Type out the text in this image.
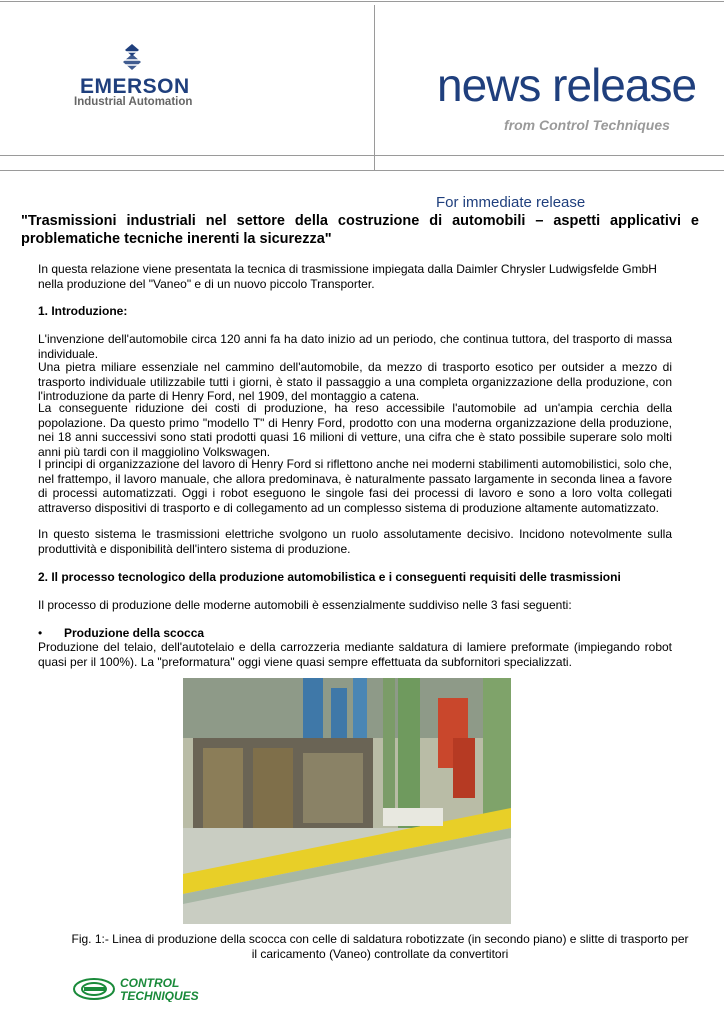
EMERSON
Industrial Automation	news release
from Control Techniques
For immediate release
"Trasmissioni industriali nel settore della costruzione di automobili – aspetti applicativi e problematiche tecniche inerenti la sicurezza"
In questa relazione viene presentata la tecnica di trasmissione impiegata dalla Daimler Chrysler Ludwigsfelde GmbH nella produzione del "Vaneo" e di un nuovo piccolo Transporter.
1. Introduzione:
L'invenzione dell'automobile circa 120 anni fa ha dato inizio ad un periodo, che continua tuttora, del trasporto di massa individuale.
Una pietra miliare essenziale nel cammino dell'automobile, da mezzo di trasporto esotico per outsider a mezzo di trasporto individuale utilizzabile tutti i giorni, è stato il passaggio a una completa organizzazione della produzione, con l'introduzione da parte di Henry Ford, nel 1909, del montaggio a catena.
La conseguente riduzione dei costi di produzione, ha reso accessibile l'automobile ad un'ampia cerchia della popolazione. Da questo primo "modello T" di Henry Ford, prodotto con una moderna organizzazione della produzione, nei 18 anni successivi sono stati prodotti quasi 16 milioni di vetture, una cifra che è stato possibile superare solo molti anni più tardi con il maggiolino Volkswagen.
I principi di organizzazione del lavoro di Henry Ford si riflettono anche nei moderni stabilimenti automobilistici, solo che, nel frattempo, il lavoro manuale, che allora predominava, è naturalmente passato largamente in seconda linea a favore di processi automatizzati. Oggi i robot eseguono le singole fasi dei processi di lavoro e sono a loro volta collegati attraverso dispositivi di trasporto e di collegamento ad un complesso sistema di produzione altamente automatizzato.
In questo sistema le trasmissioni elettriche svolgono un ruolo assolutamente decisivo. Incidono notevolmente sulla produttività e disponibilità dell'intero sistema di produzione.
2. Il processo tecnologico della produzione automobilistica e i conseguenti requisiti delle trasmissioni
Il processo di produzione delle moderne automobili è essenzialmente suddiviso nelle 3 fasi seguenti:
• Produzione della scocca
Produzione del telaio, dell'autotelaio e della carrozzeria mediante saldatura di lamiere preformate (impiegando robot quasi per il 100%). La "preformatura" oggi viene quasi sempre effettuata da subfornitori specializzati.
Fig. 1:- Linea di produzione della scocca con celle di saldatura robotizzate (in secondo piano) e slitte di trasporto per il caricamento (Vaneo) controllate da convertitori
CONTROL
TECHNIQUES
